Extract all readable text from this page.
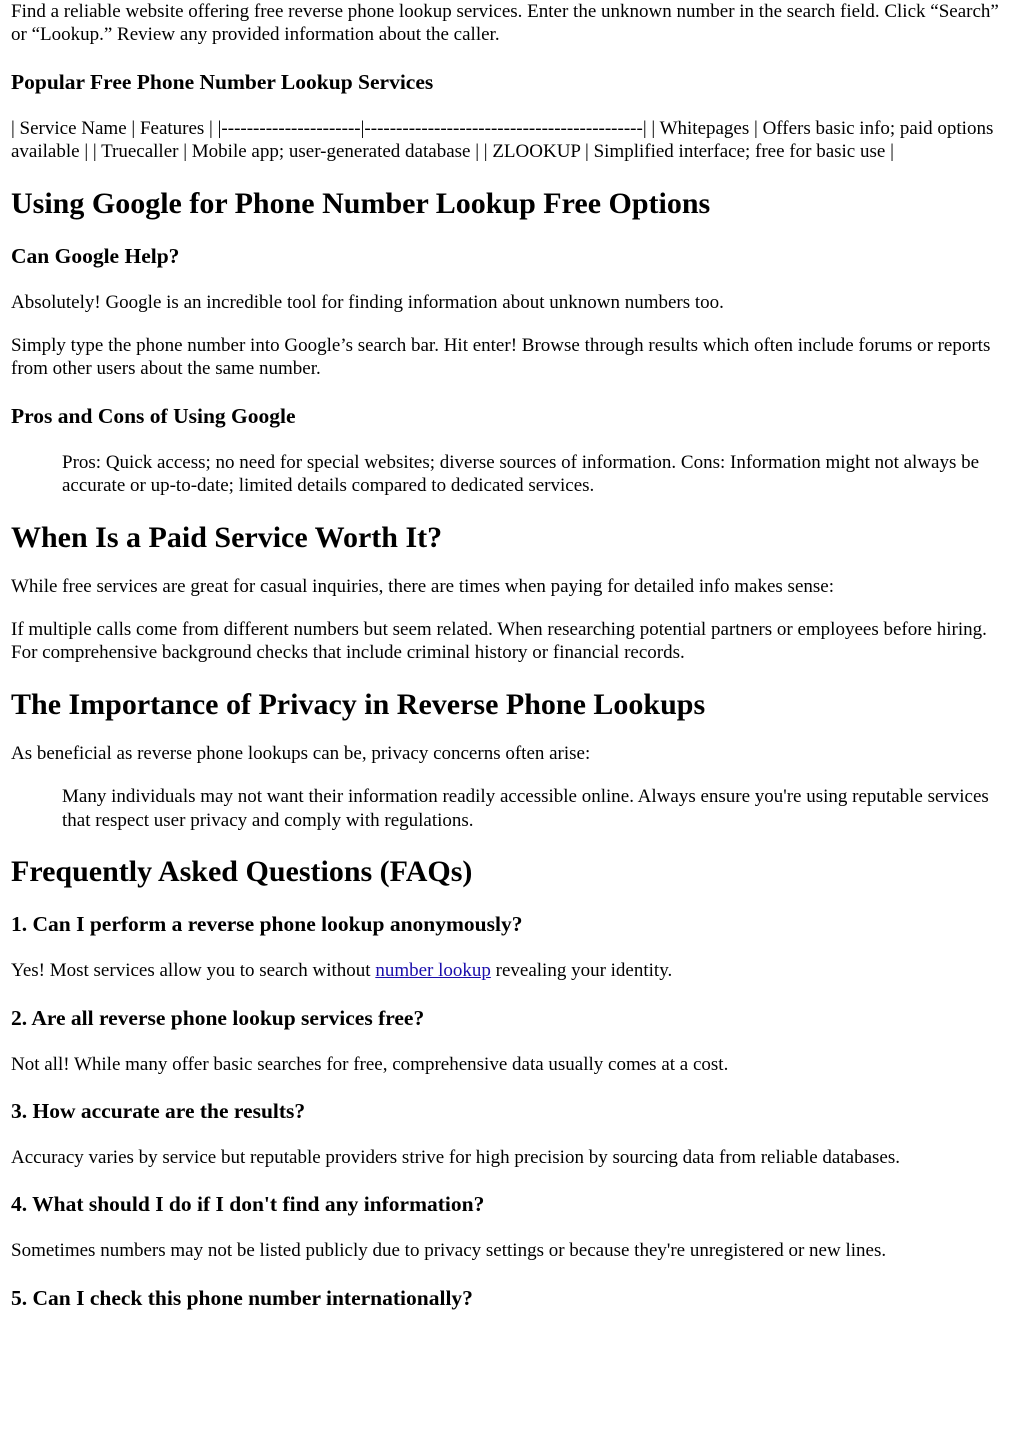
Find a reliable website offering free reverse phone lookup services. Enter the unknown number in the search field. Click “Search” or “Lookup.” Review any provided information about the caller.

Popular Free Phone Number Lookup Services

| Service Name | Features | |----------------------|--------------------------------------------| | Whitepages | Offers basic info; paid options available | | Truecaller | Mobile app; user-generated database | | ZLOOKUP | Simplified interface; free for basic use |

Using Google for Phone Number Lookup Free Options
Can Google Help?

Absolutely! Google is an incredible tool for finding information about unknown numbers too.

Simply type the phone number into Google’s search bar. Hit enter! Browse through results which often include forums or reports from other users about the same number.

Pros and Cons of Using Google
Pros: Quick access; no need for special websites; diverse sources of information. Cons: Information might not always be accurate or up-to-date; limited details compared to dedicated services.
When Is a Paid Service Worth It?

While free services are great for casual inquiries, there are times when paying for detailed info makes sense:

If multiple calls come from different numbers but seem related. When researching potential partners or employees before hiring. For comprehensive background checks that include criminal history or financial records.

The Importance of Privacy in Reverse Phone Lookups

As beneficial as reverse phone lookups can be, privacy concerns often arise:

Many individuals may not want their information readily accessible online. Always ensure you're using reputable services that respect user privacy and comply with regulations.
Frequently Asked Questions (FAQs)
1. Can I perform a reverse phone lookup anonymously?

Yes! Most services allow you to search without number lookup revealing your identity.

2. Are all reverse phone lookup services free?

Not all! While many offer basic searches for free, comprehensive data usually comes at a cost.

3. How accurate are the results?

Accuracy varies by service but reputable providers strive for high precision by sourcing data from reliable databases.

4. What should I do if I don't find any information?

Sometimes numbers may not be listed publicly due to privacy settings or because they're unregistered or new lines.

5. Can I check this phone number internationally?
